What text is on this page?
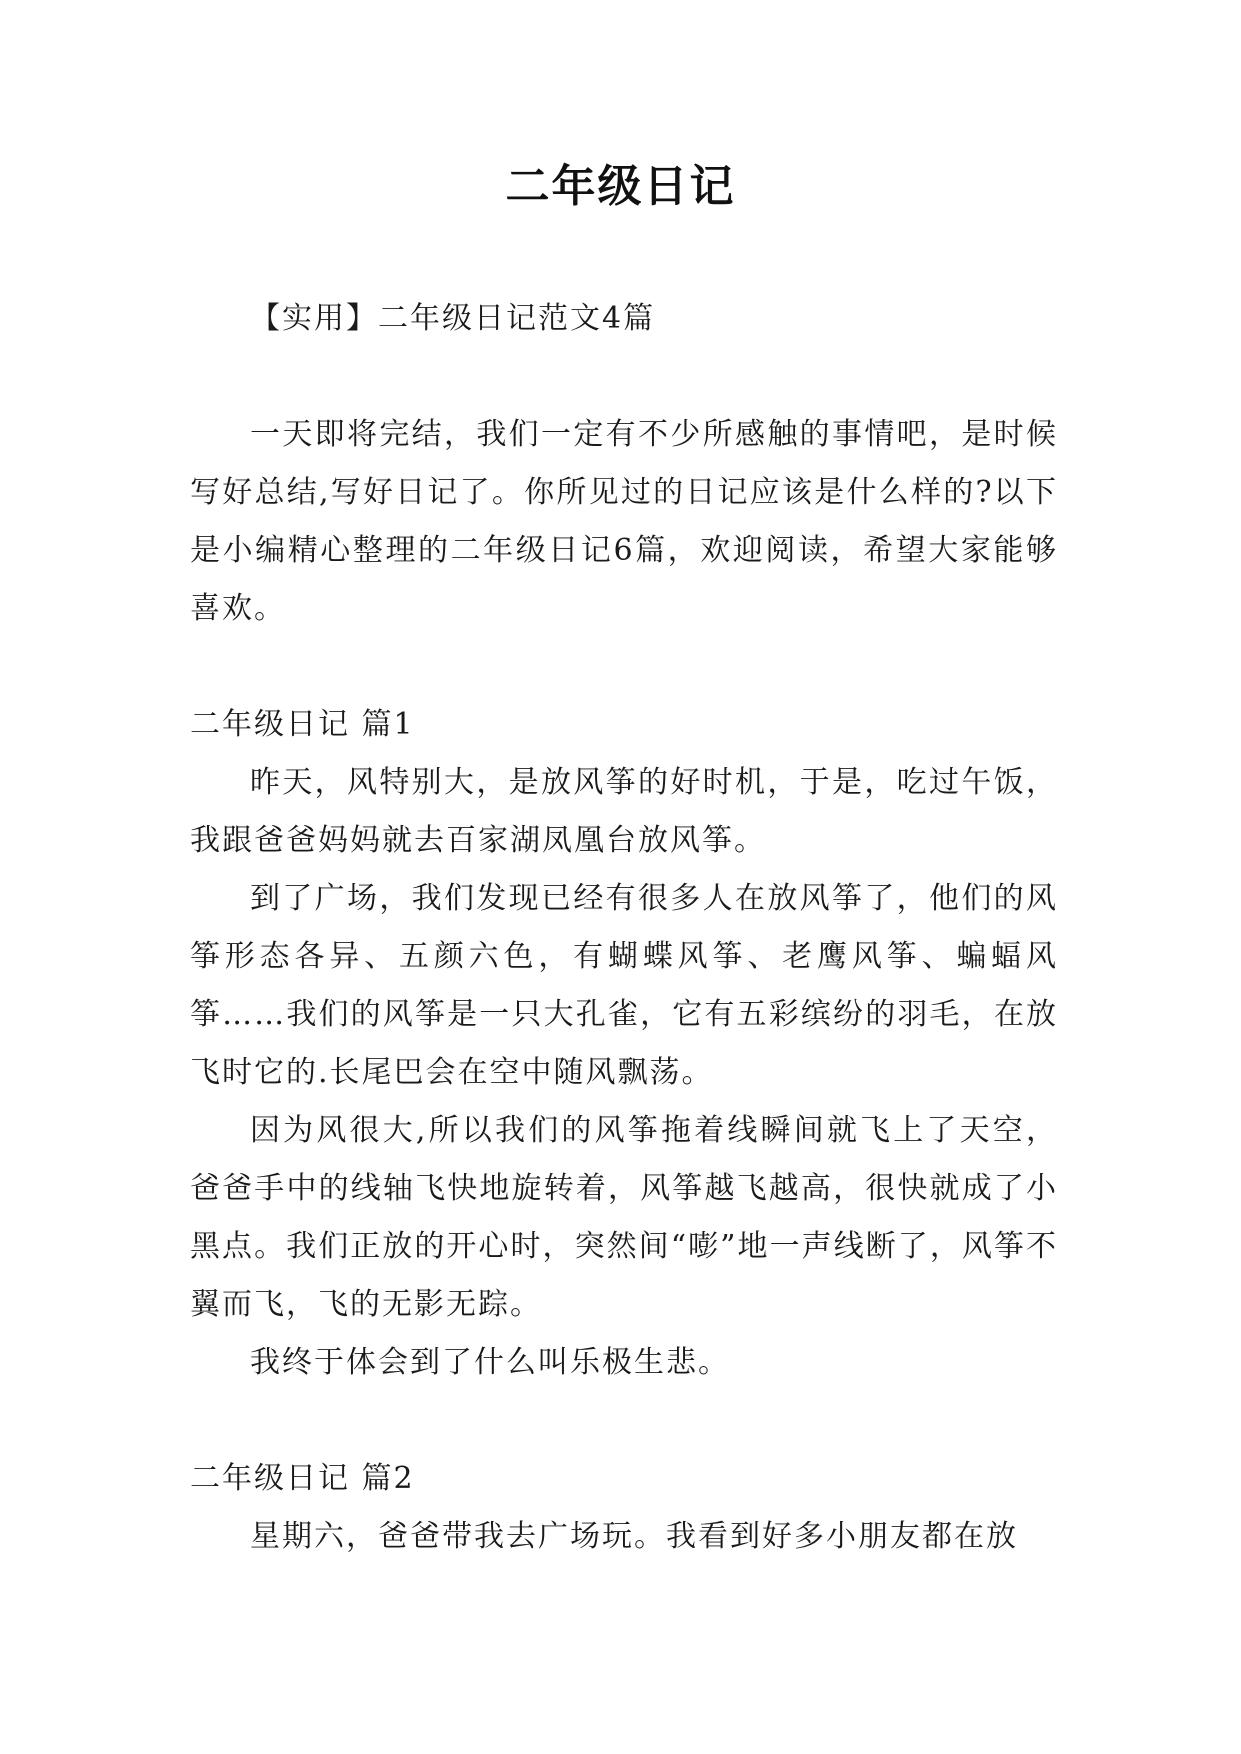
二年级日记

【实用】二年级日记范文4篇

一天即将完结，我们一定有不少所感触的事情吧，是时候写好总结,写好日记了。你所见过的日记应该是什么样的?以下是小编精心整理的二年级日记6篇，欢迎阅读，希望大家能够喜欢。

二年级日记 篇1

昨天，风特别大，是放风筝的好时机，于是，吃过午饭，我跟爸爸妈妈就去百家湖凤凰台放风筝。

到了广场，我们发现已经有很多人在放风筝了，他们的风筝形态各异、五颜六色，有蝴蝶风筝、老鹰风筝、蝙蝠风筝……我们的风筝是一只大孔雀，它有五彩缤纷的羽毛，在放飞时它的.长尾巴会在空中随风飘荡。

因为风很大,所以我们的风筝拖着线瞬间就飞上了天空，爸爸手中的线轴飞快地旋转着，风筝越飞越高，很快就成了小黑点。我们正放的开心时，突然间“嘭”地一声线断了，风筝不翼而飞，飞的无影无踪。

我终于体会到了什么叫乐极生悲。

二年级日记 篇2

星期六，爸爸带我去广场玩。我看到好多小朋友都在放
